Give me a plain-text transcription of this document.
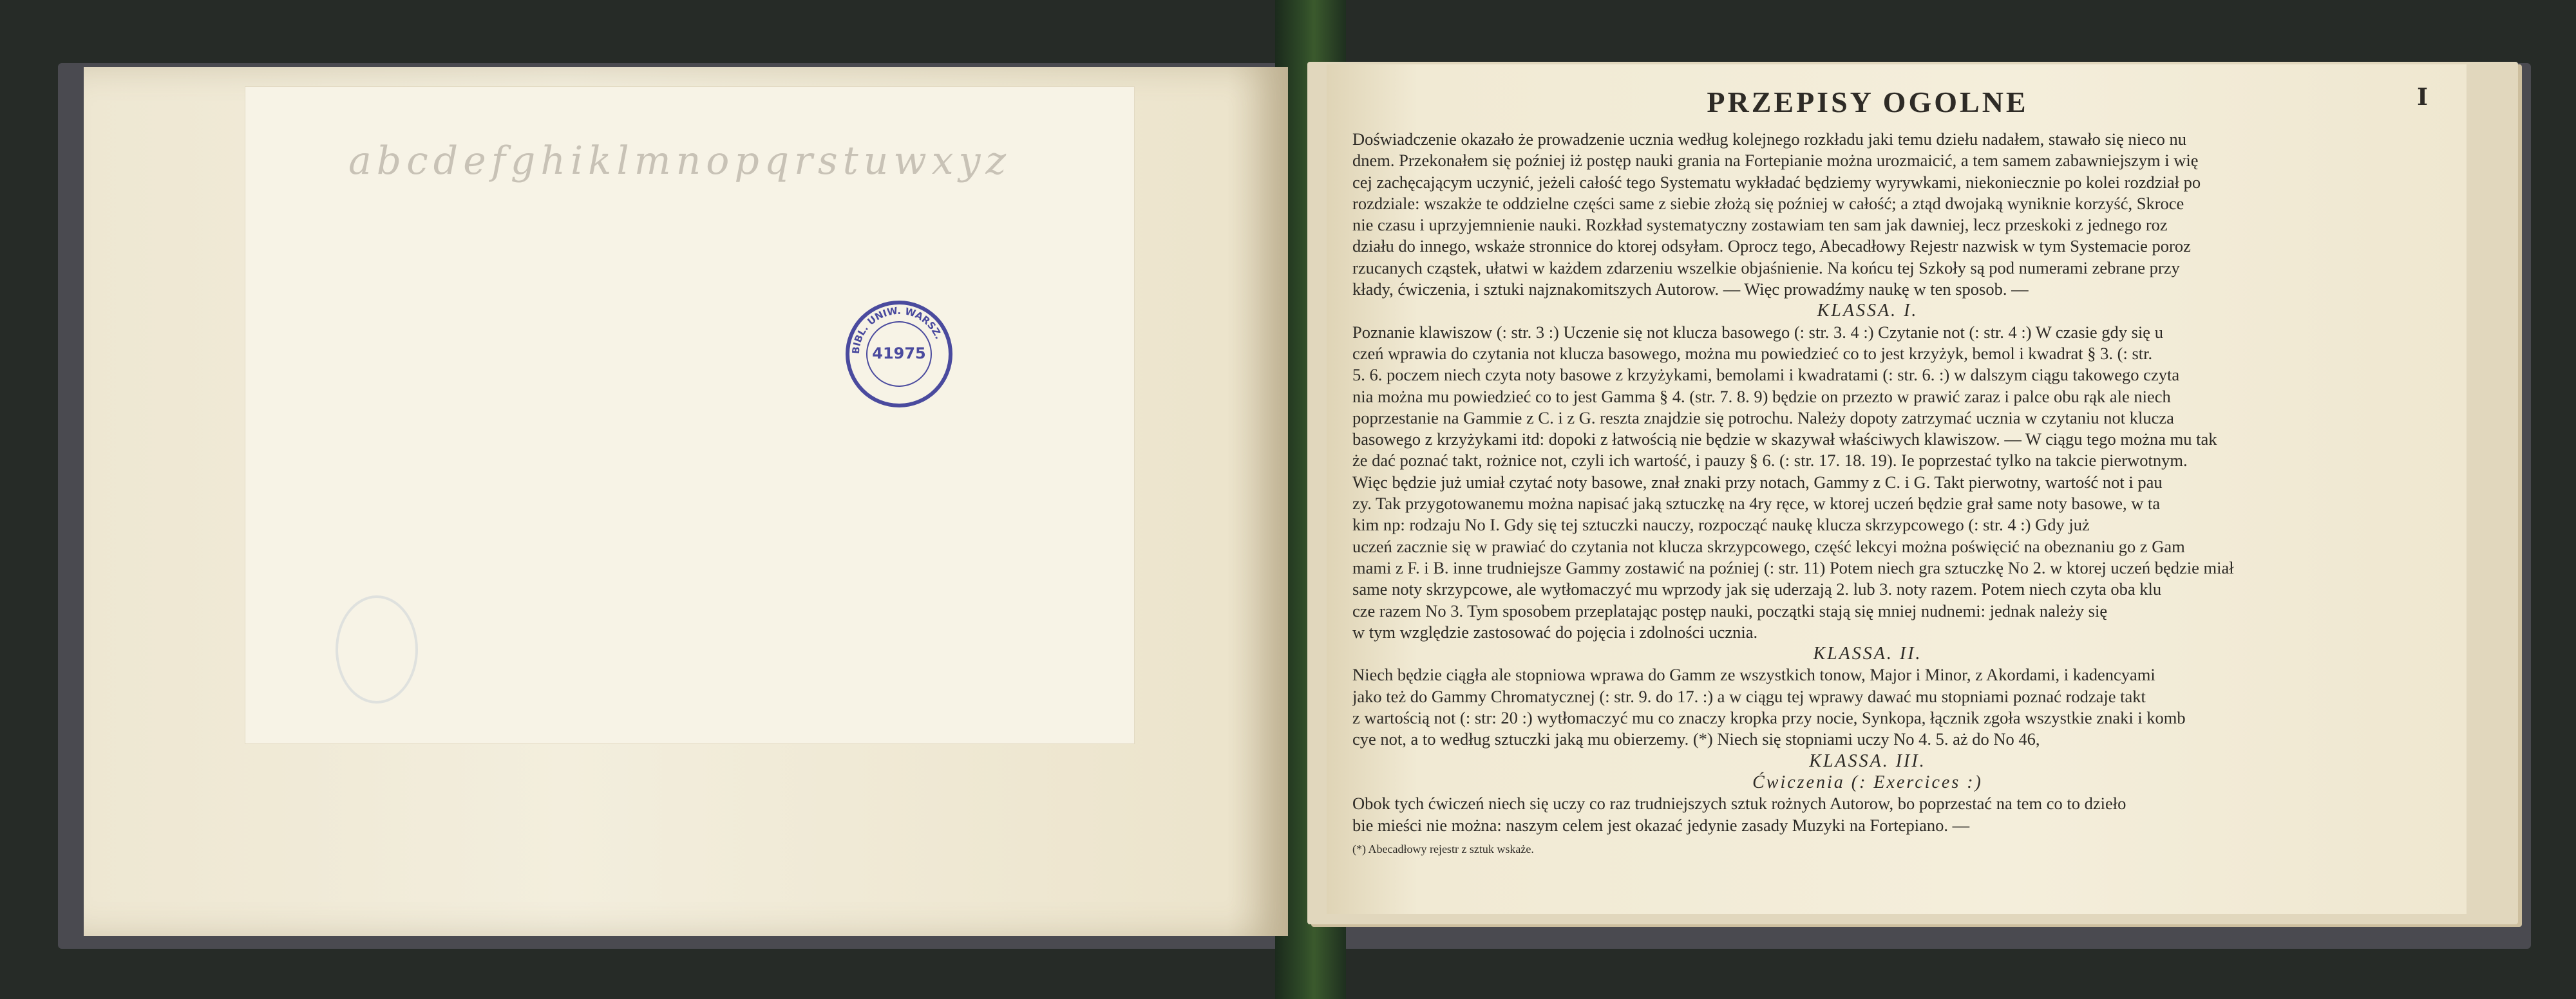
abcdefghiklmnopqrstuwxyz
BIBL. UNIW. WARSZ.
41975
I
PRZEPISY OGOLNE
Doświadczenie okazało że prowadzenie ucznia według kolejnego rozkładu jaki temu dziełu nadałem, stawało się nieco nu
dnem. Przekonałem się poźniej iż postęp nauki grania na Fortepianie można urozmaicić, a tem samem zabawniejszym i wię
cej zachęcającym uczynić, jeżeli całość tego Systematu wykładać będziemy wyrywkami, niekoniecznie po kolei rozdział po
rozdziale: wszakże te oddzielne części same z siebie złożą się poźniej w całość; a ztąd dwojaką wyniknie korzyść, Skroce
nie czasu i uprzyjemnienie nauki. Rozkład systematyczny zostawiam ten sam jak dawniej, lecz przeskoki z jednego roz
działu do innego, wskaże stronnice do ktorej odsyłam. Oprocz tego, Abecadłowy Rejestr nazwisk w tym Systemacie poroz
rzucanych cząstek, ułatwi w każdem zdarzeniu wszelkie objaśnienie. Na końcu tej Szkoły są pod numerami zebrane przy
kłady, ćwiczenia, i sztuki najznakomitszych Autorow. — Więc prowadźmy naukę w ten sposob. —
KLASSA. I.
Poznanie klawiszow (: str. 3 :) Uczenie się not klucza basowego (: str. 3. 4 :) Czytanie not (: str. 4 :) W czasie gdy się u
czeń wprawia do czytania not klucza basowego, można mu powiedzieć co to jest krzyżyk, bemol i kwadrat § 3. (: str.
5. 6. poczem niech czyta noty basowe z krzyżykami, bemolami i kwadratami (: str. 6. :) w dalszym ciągu takowego czyta
nia można mu powiedzieć co to jest Gamma § 4. (str. 7. 8. 9) będzie on przezto w prawić zaraz i palce obu rąk ale niech
poprzestanie na Gammie z C. i z G. reszta znajdzie się potrochu. Należy dopoty zatrzymać ucznia w czytaniu not klucza
basowego z krzyżykami itd: dopoki z łatwością nie będzie w skazywał właściwych klawiszow. — W ciągu tego można mu tak
że dać poznać takt, rożnice not, czyli ich wartość, i pauzy § 6. (: str. 17. 18. 19). Ie poprzestać tylko na takcie pierwotnym.
Więc będzie już umiał czytać noty basowe, znał znaki przy notach, Gammy z C. i G. Takt pierwotny, wartość not i pau
zy. Tak przygotowanemu można napisać jaką sztuczkę na 4ry ręce, w ktorej uczeń będzie grał same noty basowe, w ta
kim np: rodzaju No I. Gdy się tej sztuczki nauczy, rozpocząć naukę klucza skrzypcowego (: str. 4 :) Gdy już
uczeń zacznie się w prawiać do czytania not klucza skrzypcowego, część lekcyi można poświęcić na obeznaniu go z Gam
mami z F. i B. inne trudniejsze Gammy zostawić na poźniej (: str. 11) Potem niech gra sztuczkę No 2. w ktorej uczeń będzie miał
same noty skrzypcowe, ale wytłomaczyć mu wprzody jak się uderzają 2. lub 3. noty razem. Potem niech czyta oba klu
cze razem No 3. Tym sposobem przeplatając postęp nauki, początki stają się mniej nudnemi: jednak należy się
w tym względzie zastosować do pojęcia i zdolności ucznia.
KLASSA. II.
Niech będzie ciągła ale stopniowa wprawa do Gamm ze wszystkich tonow, Major i Minor, z Akordami, i kadencyami
jako też do Gammy Chromatycznej (: str. 9. do 17. :) a w ciągu tej wprawy dawać mu stopniami poznać rodzaje takt
z wartością not (: str: 20 :) wytłomaczyć mu co znaczy kropka przy nocie, Synkopa, łącznik zgoła wszystkie znaki i komb
cye not, a to według sztuczki jaką mu obierzemy. (*) Niech się stopniami uczy No 4. 5. aż do No 46,
KLASSA. III.
Ćwiczenia (: Exercices :)
Obok tych ćwiczeń niech się uczy co raz trudniejszych sztuk rożnych Autorow, bo poprzestać na tem co to dzieło
bie mieści nie można: naszym celem jest okazać jedynie zasady Muzyki na Fortepiano. —
(*) Abecadłowy rejestr z sztuk wskaże.
